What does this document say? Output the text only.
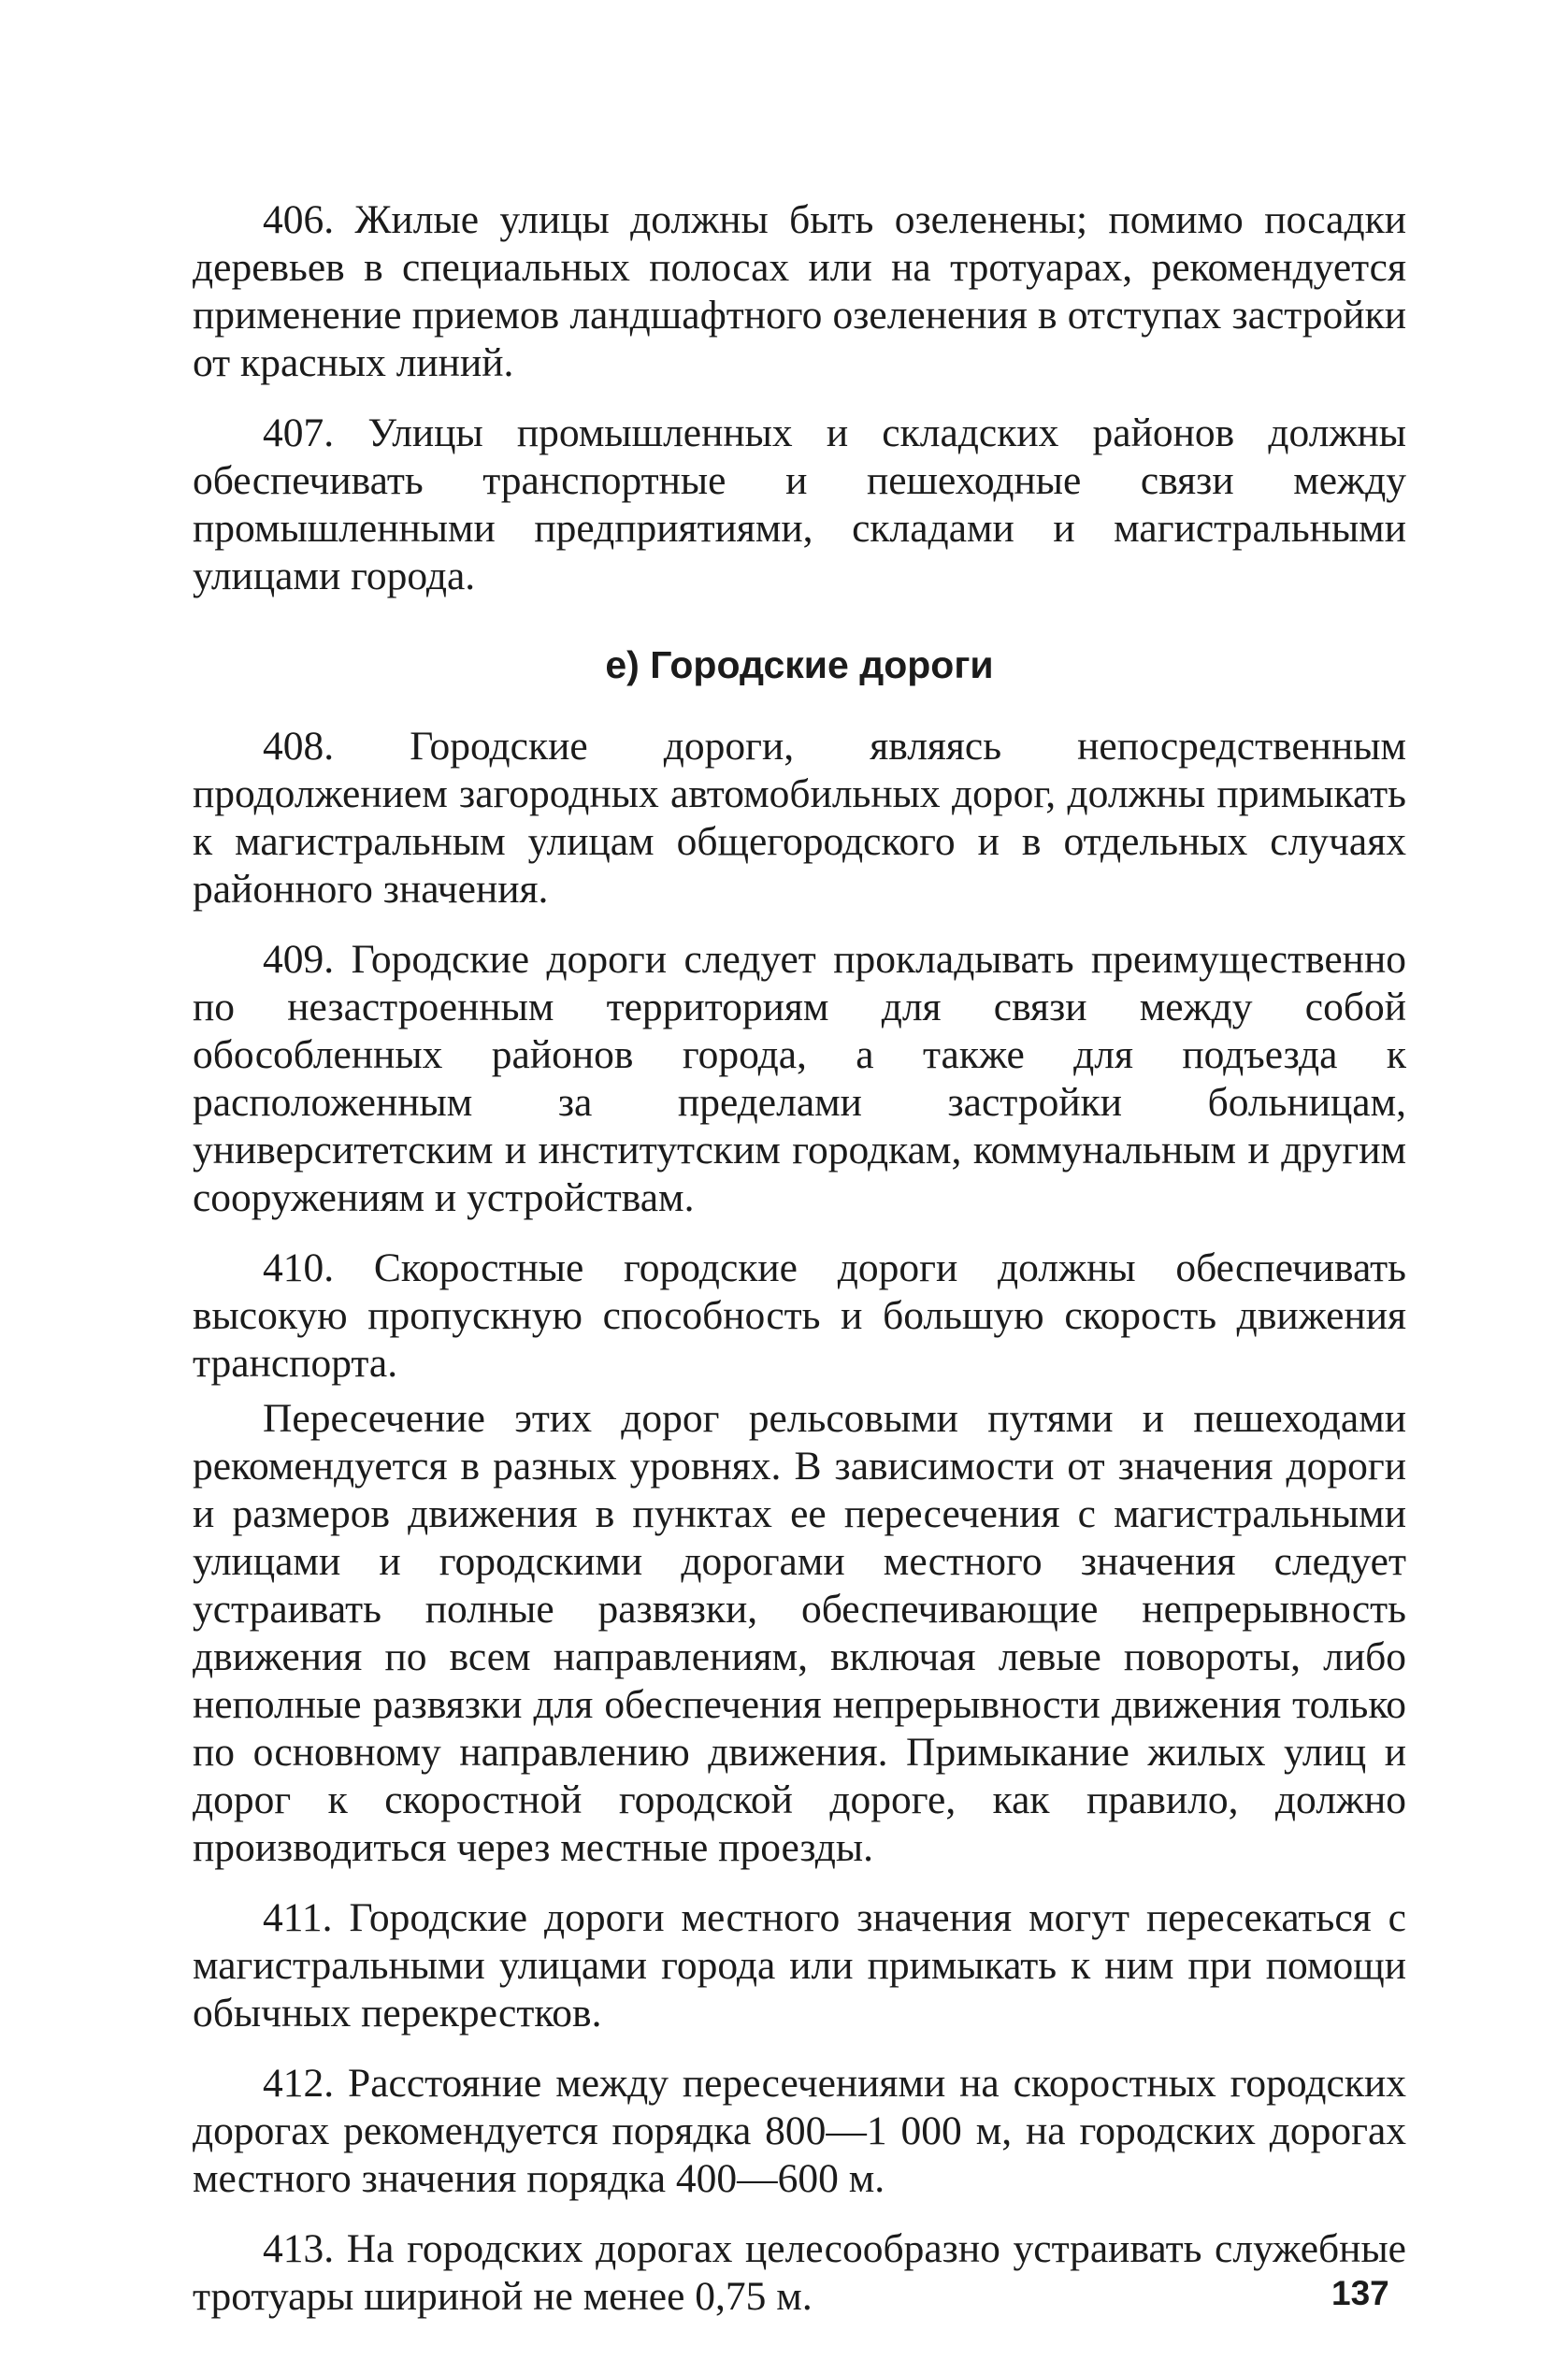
406. Жилые улицы должны быть озеленены; помимо посадки деревьев в специальных полосах или на тротуарах, рекомендуется применение приемов ландшафтного озеленения в отступах застройки от красных линий.

407. Улицы промышленных и складских районов должны обеспечивать транспортные и пешеходные связи между промышленными предприятиями, складами и магистральными улицами города.

е) Городские дороги

408. Городские дороги, являясь непосредственным продолжением загородных автомобильных дорог, должны примыкать к магистральным улицам общегородского и в отдельных случаях районного значения.

409. Городские дороги следует прокладывать преимущественно по незастроенным территориям для связи между собой обособленных районов города, а также для подъезда к расположенным за пределами застройки больницам, университетским и институтским городкам, коммунальным и другим сооружениям и устройствам.

410. Скоростные городские дороги должны обеспечивать высокую пропускную способность и большую скорость движения транспорта.

Пересечение этих дорог рельсовыми путями и пешеходами рекомендуется в разных уровнях. В зависимости от значения дороги и размеров движения в пунктах ее пересечения с магистральными улицами и городскими дорогами местного значения следует устраивать полные развязки, обеспечивающие непрерывность движения по всем направлениям, включая левые повороты, либо неполные развязки для обеспечения непрерывности движения только по основному направлению движения. Примыкание жилых улиц и дорог к скоростной городской дороге, как правило, должно производиться через местные проезды.

411. Городские дороги местного значения могут пересекаться с магистральными улицами города или примыкать к ним при помощи обычных перекрестков.

412. Расстояние между пересечениями на скоростных городских дорогах рекомендуется порядка 800—1 000 м, на городских дорогах местного значения порядка 400—600 м.

413. На городских дорогах целесообразно устраивать служебные тротуары шириной не менее 0,75 м.	137
